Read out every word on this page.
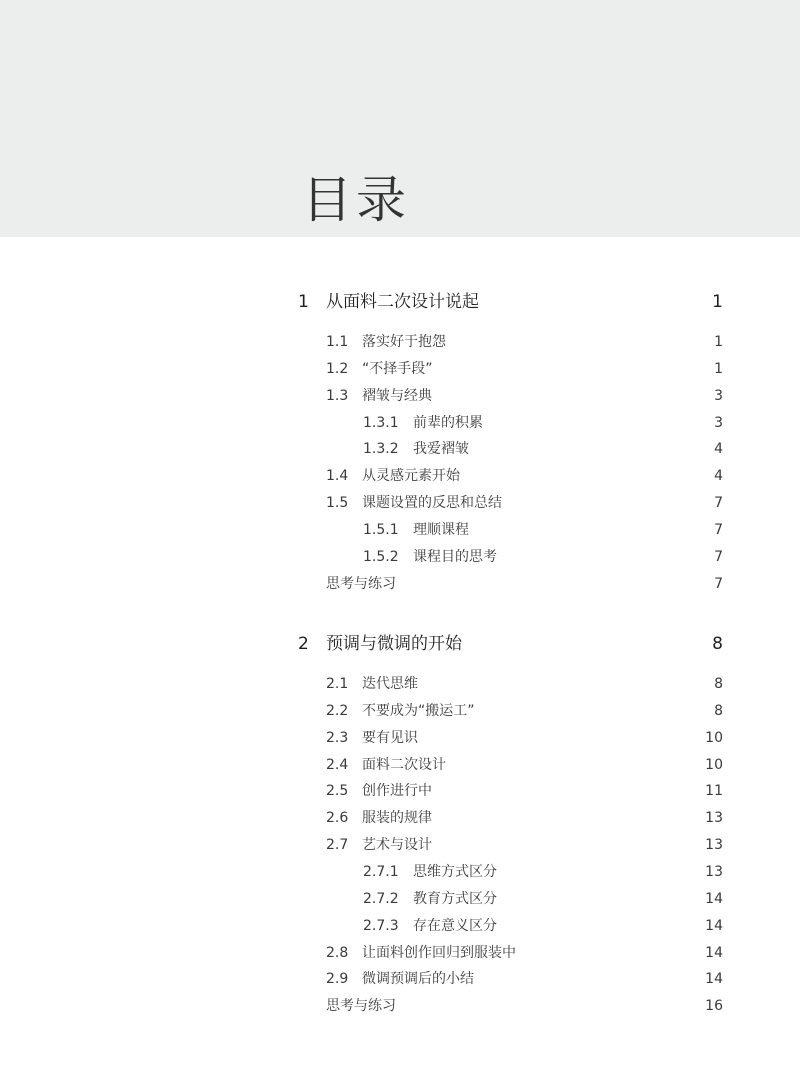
目录
1 从面料二次设计说起	1
1.1 落实好于抱怨	1
1.2 “不择手段”	1
1.3 褶皱与经典	3
1.3.1 前辈的积累	3
1.3.2 我爱褶皱	4
1.4 从灵感元素开始	4
1.5 课题设置的反思和总结	7
1.5.1 理顺课程	7
1.5.2 课程目的思考	7
思考与练习	7
2 预调与微调的开始	8
2.1 迭代思维	8
2.2 不要成为“搬运工”	8
2.3 要有见识	10
2.4 面料二次设计	10
2.5 创作进行中	11
2.6 服装的规律	13
2.7 艺术与设计	13
2.7.1 思维方式区分	13
2.7.2 教育方式区分	14
2.7.3 存在意义区分	14
2.8 让面料创作回归到服装中	14
2.9 微调预调后的小结	14
思考与练习	16
